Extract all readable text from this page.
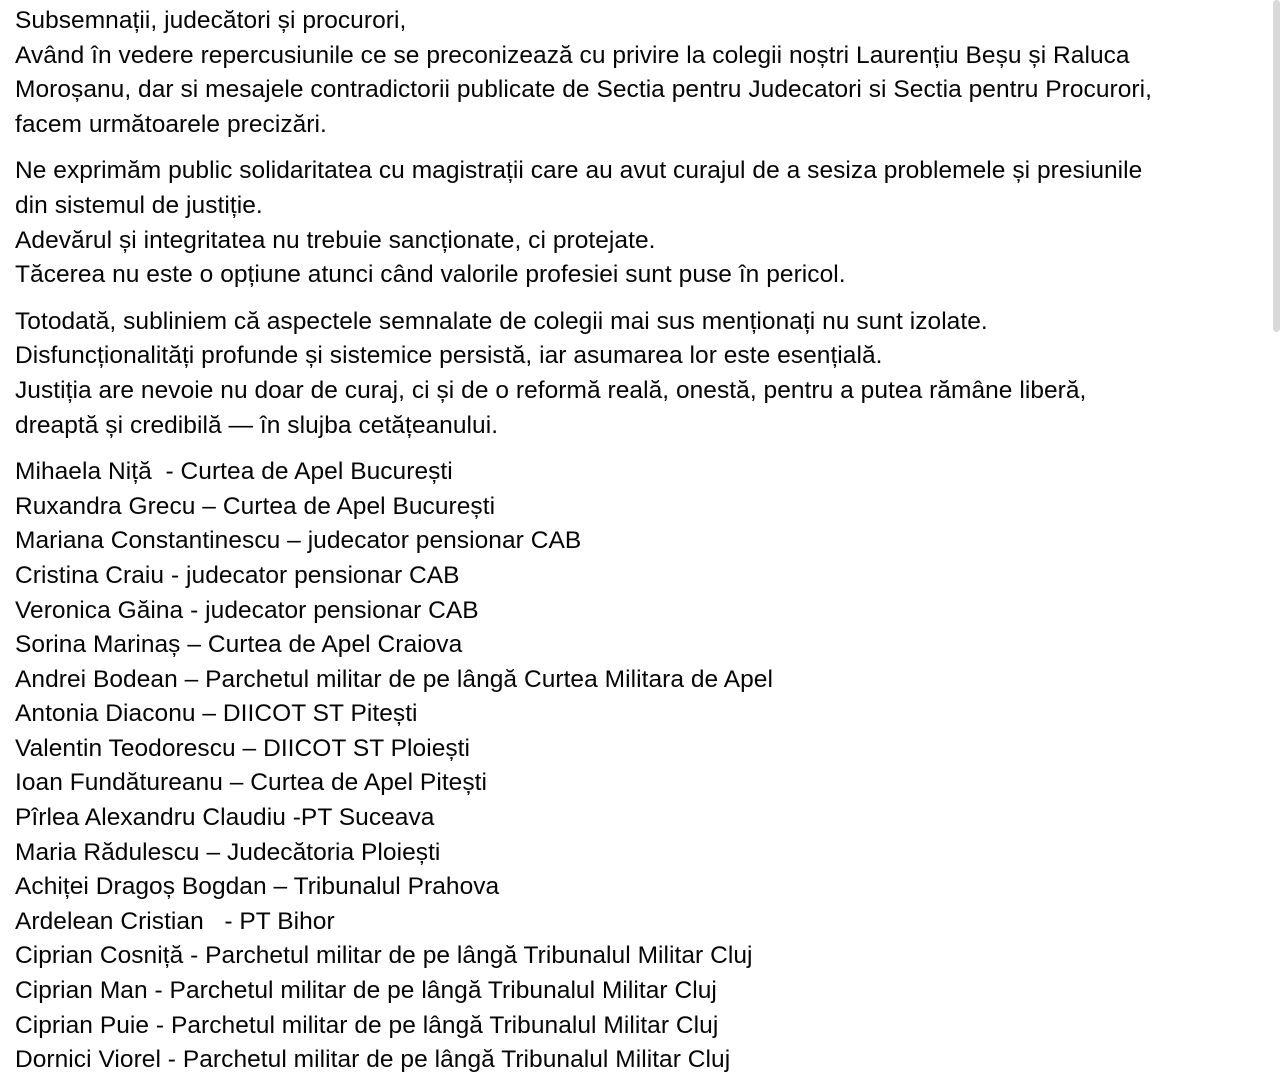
Subsemnații, judecători și procurori,
Având în vedere repercusiunile ce se preconizează cu privire la colegii noștri Laurențiu Beșu și Raluca
Moroșanu, dar si mesajele contradictorii publicate de Sectia pentru Judecatori si Sectia pentru Procurori,
facem următoarele precizări.

Ne exprimăm public solidaritatea cu magistrații care au avut curajul de a sesiza problemele și presiunile
din sistemul de justiție.
Adevărul și integritatea nu trebuie sancționate, ci protejate.
Tăcerea nu este o opțiune atunci când valorile profesiei sunt puse în pericol.

Totodată, subliniem că aspectele semnalate de colegii mai sus menționați nu sunt izolate.
Disfuncționalități profunde și sistemice persistă, iar asumarea lor este esențială.
Justiția are nevoie nu doar de curaj, ci și de o reformă reală, onestă, pentru a putea rămâne liberă,
dreaptă și credibilă — în slujba cetățeanului.

Mihaela Niță  - Curtea de Apel București
Ruxandra Grecu – Curtea de Apel București
Mariana Constantinescu – judecator pensionar CAB
Cristina Craiu - judecator pensionar CAB
Veronica Găina - judecator pensionar CAB
Sorina Marinaș – Curtea de Apel Craiova
Andrei Bodean – Parchetul militar de pe lângă Curtea Militara de Apel
Antonia Diaconu – DIICOT ST Pitești
Valentin Teodorescu – DIICOT ST Ploiești
Ioan Fundătureanu – Curtea de Apel Pitești
Pîrlea Alexandru Claudiu -PT Suceava
Maria Rădulescu – Judecătoria Ploiești
Achiței Dragoș Bogdan – Tribunalul Prahova
Ardelean Cristian   - PT Bihor
Ciprian Cosniță - Parchetul militar de pe lângă Tribunalul Militar Cluj
Ciprian Man - Parchetul militar de pe lângă Tribunalul Militar Cluj
Ciprian Puie - Parchetul militar de pe lângă Tribunalul Militar Cluj
Dornici Viorel - Parchetul militar de pe lângă Tribunalul Militar Cluj
